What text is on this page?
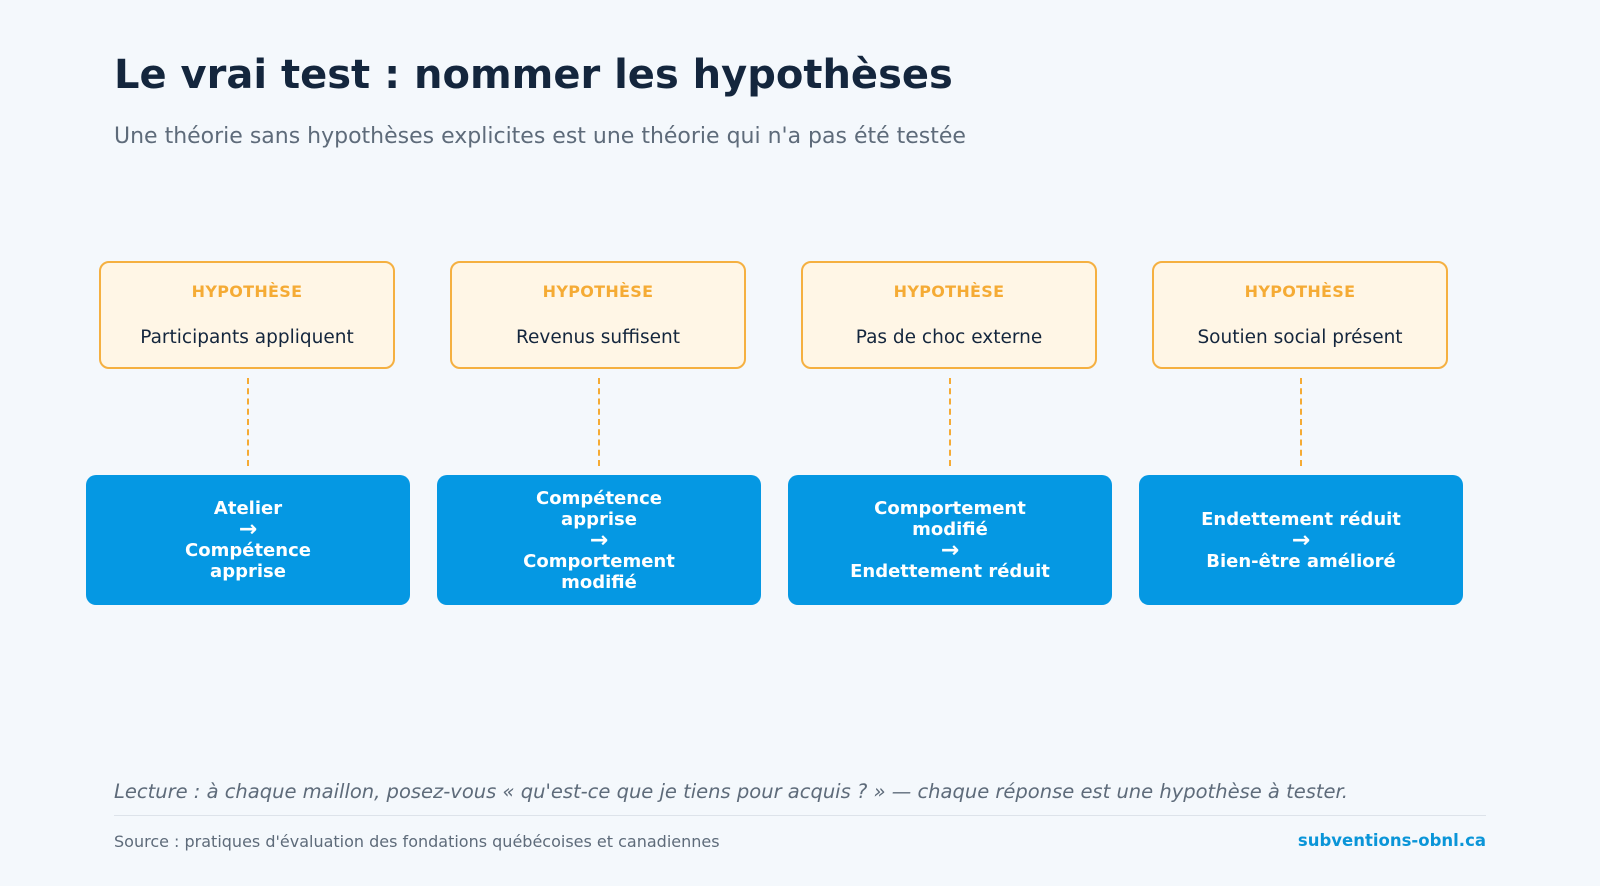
Le vrai test : nommer les hypothèses
Une théorie sans hypothèses explicites est une théorie qui n'a pas été testée
HYPOTHÈSE
Participants appliquent
Atelier
→
Compétence apprise
HYPOTHÈSE
Revenus suffisent
Compétence apprise
→
Comportement modifié
HYPOTHÈSE
Pas de choc externe
Comportement modifié
→
Endettement réduit
HYPOTHÈSE
Soutien social présent
Endettement réduit
→
Bien-être amélioré
Lecture : à chaque maillon, posez-vous « qu'est-ce que je tiens pour acquis ? » — chaque réponse est une hypothèse à tester.
Source : pratiques d'évaluation des fondations québécoises et canadiennes	subventions-obnl.ca
